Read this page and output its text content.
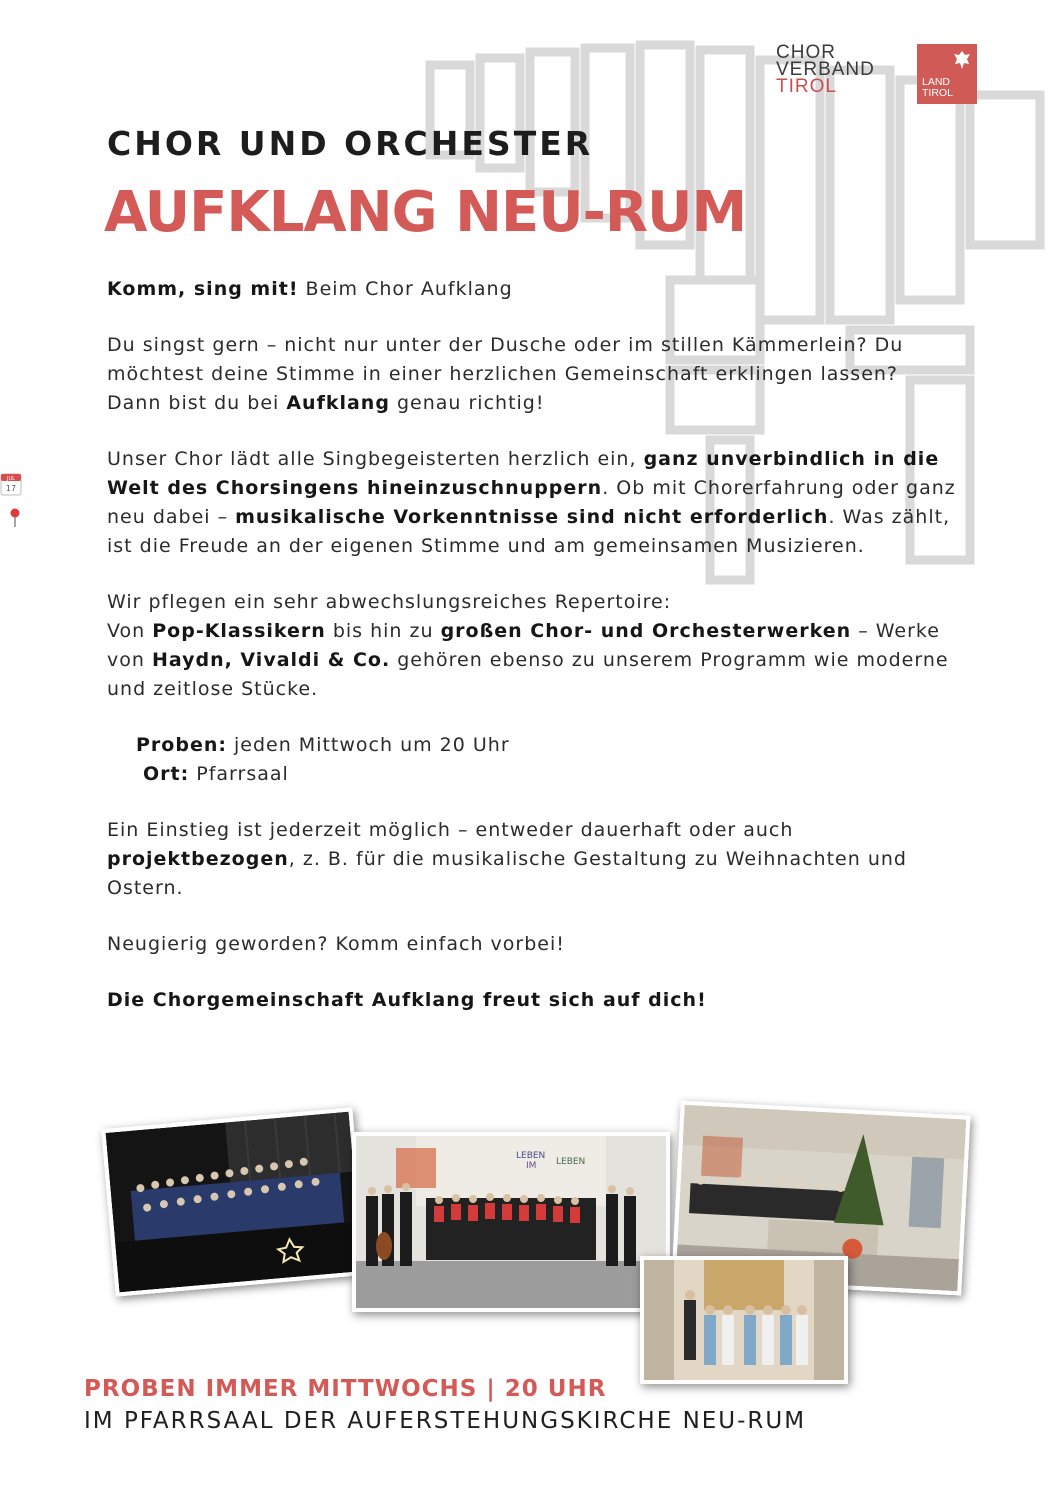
CHOR
VERBAND
TIROL	LAND
TIROL
JUL
17
CHOR UND ORCHESTER
AUFKLANG NEU-RUM

Komm, sing mit! Beim Chor Aufklang

Du singst gern – nicht nur unter der Dusche oder im stillen Kämmerlein? Du möchtest deine Stimme in einer herzlichen Gemeinschaft erklingen lassen? Dann bist du bei Aufklang genau richtig!

Unser Chor lädt alle Singbegeisterten herzlich ein, ganz unverbindlich in die Welt des Chorsingens hineinzuschnuppern. Ob mit Chorerfahrung oder ganz neu dabei – musikalische Vorkenntnisse sind nicht erforderlich. Was zählt, ist die Freude an der eigenen Stimme und am gemeinsamen Musizieren.

Wir pflegen ein sehr abwechslungsreiches Repertoire:
Von Pop-Klassikern bis hin zu großen Chor- und Orchesterwerken – Werke von Haydn, Vivaldi & Co. gehören ebenso zu unserem Programm wie moderne und zeitlose Stücke.

Proben: jeden Mittwoch um 20 Uhr
Ort: Pfarrsaal

Ein Einstieg ist jederzeit möglich – entweder dauerhaft oder auch projektbezogen, z. B. für die musikalische Gestaltung zu Weihnachten und Ostern.

Neugierig geworden? Komm einfach vorbei!

Die Chorgemeinschaft Aufklang freut sich auf dich!

LEBEN
IM LEBEN
PROBEN IMMER MITTWOCHS | 20 UHR
IM PFARRSAAL DER AUFERSTEHUNGSKIRCHE NEU-RUM
